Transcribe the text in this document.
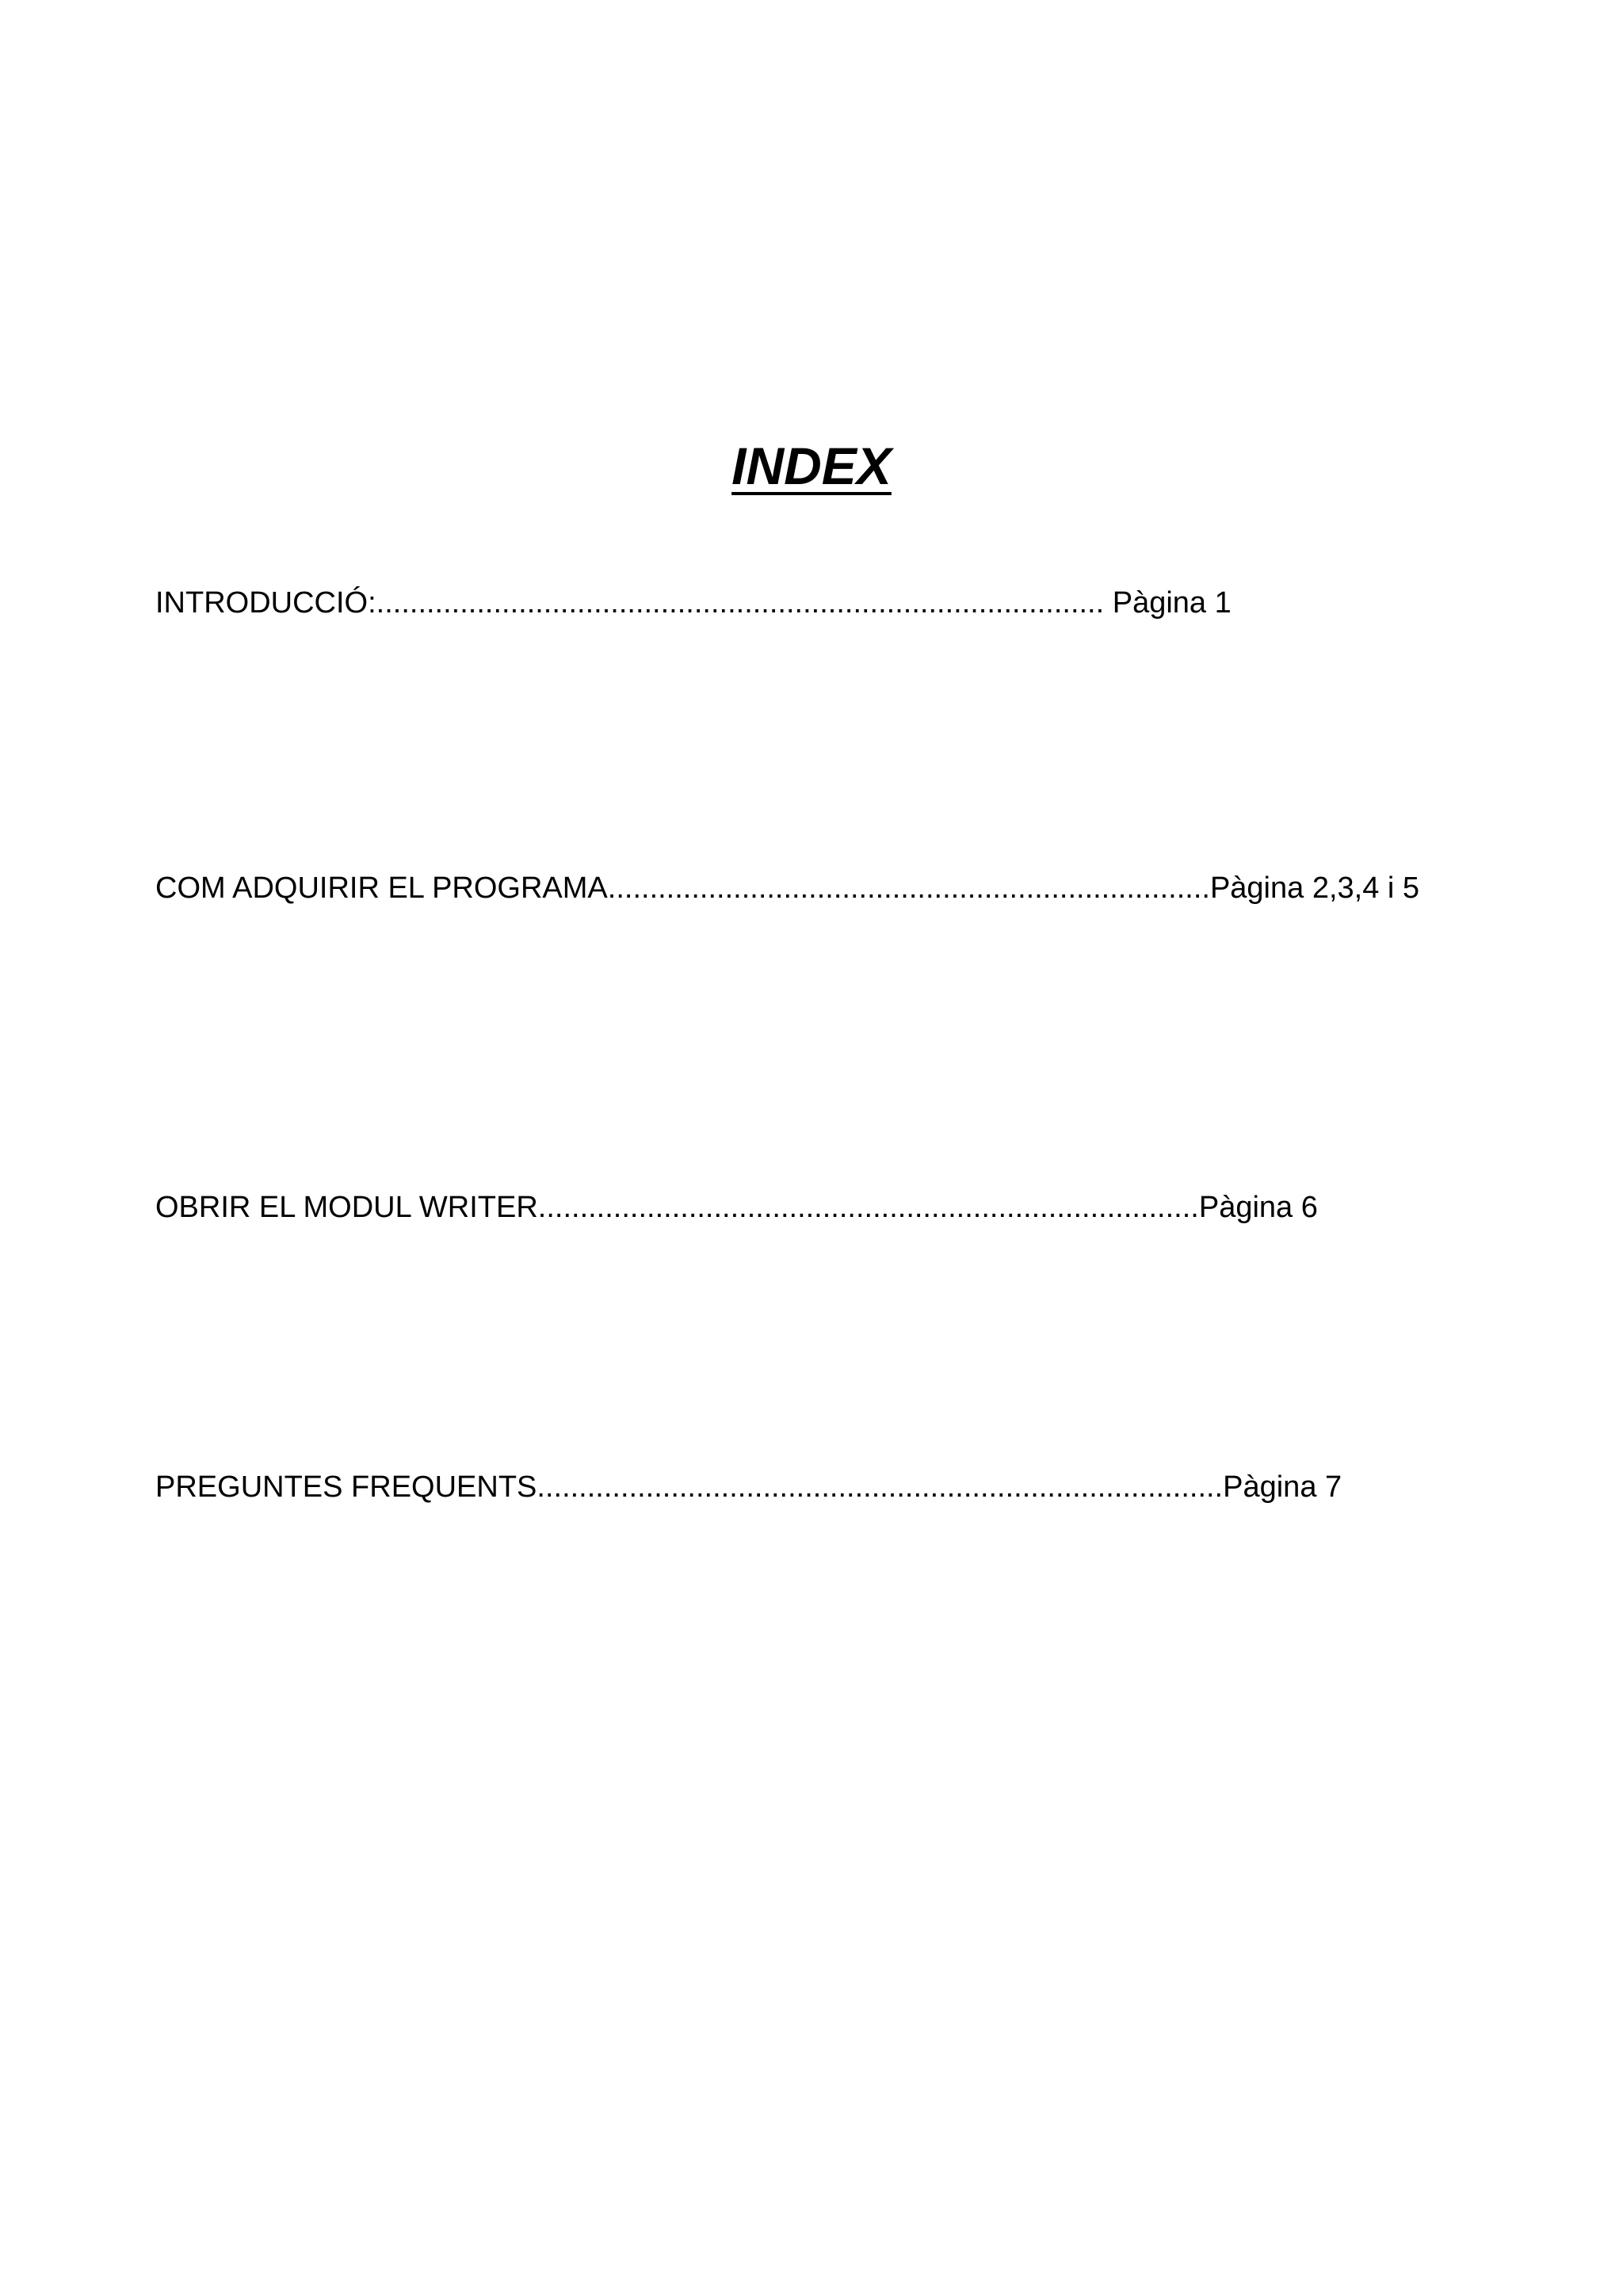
INDEX
INTRODUCCIÓ:....................................................................................... Pàgina 1
COM ADQUIRIR EL PROGRAMA........................................................................Pàgina 2,3,4 i 5
OBRIR EL MODUL WRITER...............................................................................Pàgina 6
PREGUNTES FREQUENTS..................................................................................Pàgina 7
